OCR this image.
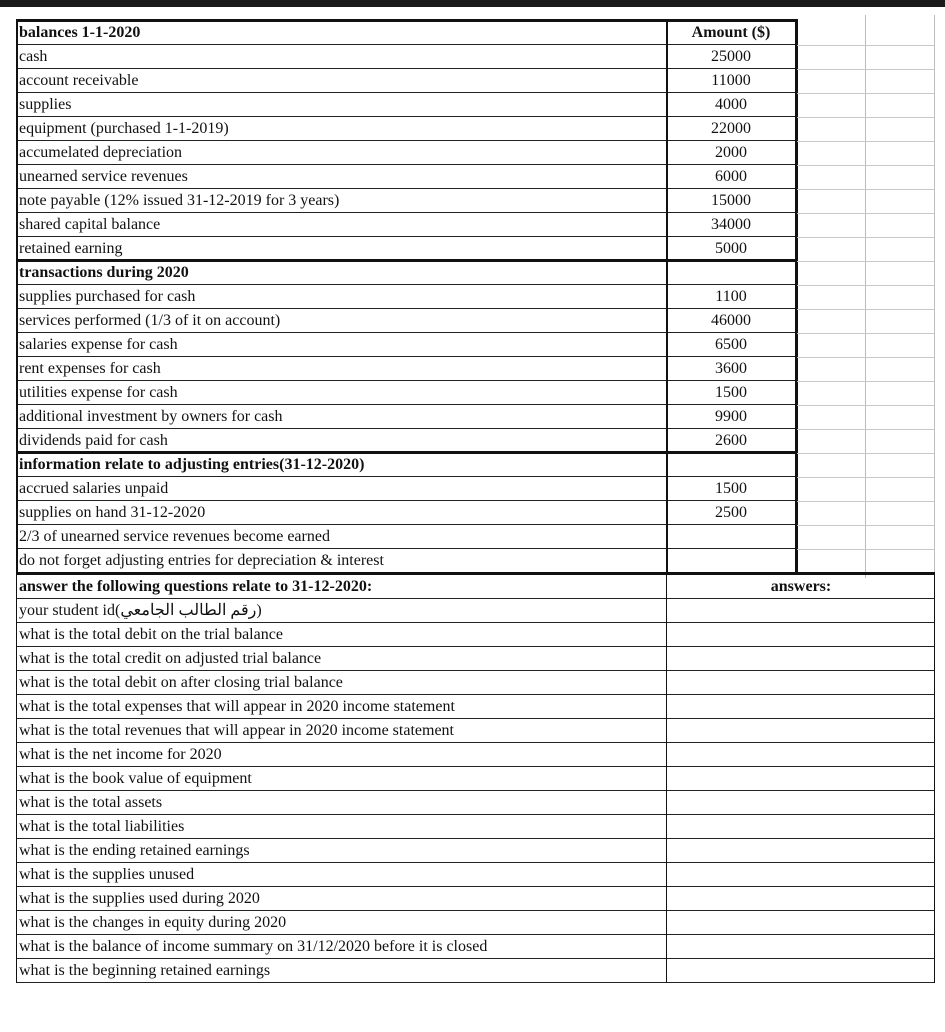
balances 1-1-2020	Amount ($)
cash	25000
account receivable	11000
supplies	4000
equipment (purchased 1-1-2019)	22000
accumelated depreciation	2000
unearned service revenues	6000
note payable (12% issued 31-12-2019 for 3 years)	15000
shared capital balance	34000
retained earning	5000
transactions during 2020
supplies purchased for cash	1100
services performed (1/3 of it on account)	46000
salaries expense for cash	6500
rent expenses for cash	3600
utilities expense for cash	1500
additional investment by owners for cash	9900
dividends paid for cash	2600
information relate to adjusting entries(31-12-2020)
accrued salaries unpaid	1500
supplies on hand 31-12-2020	2500
2/3 of unearned service revenues become earned
do not forget adjusting entries for depreciation & interest
answer the following questions relate to 31-12-2020:	answers:
your student id(رقم الطالب الجامعي)
what is the total debit on the trial balance
what is the total credit on adjusted trial balance
what is the total debit on after closing trial balance
what is the total expenses that will appear in 2020 income statement
what is the total revenues that will appear in 2020 income statement
what is the net income for 2020
what is the book value of equipment
what is the total assets
what is the total liabilities
what is the ending retained earnings
what is the supplies unused
what is the supplies used during 2020
what is the changes in equity during 2020
what is the balance of income summary on 31/12/2020 before it is closed
what is the beginning retained earnings
